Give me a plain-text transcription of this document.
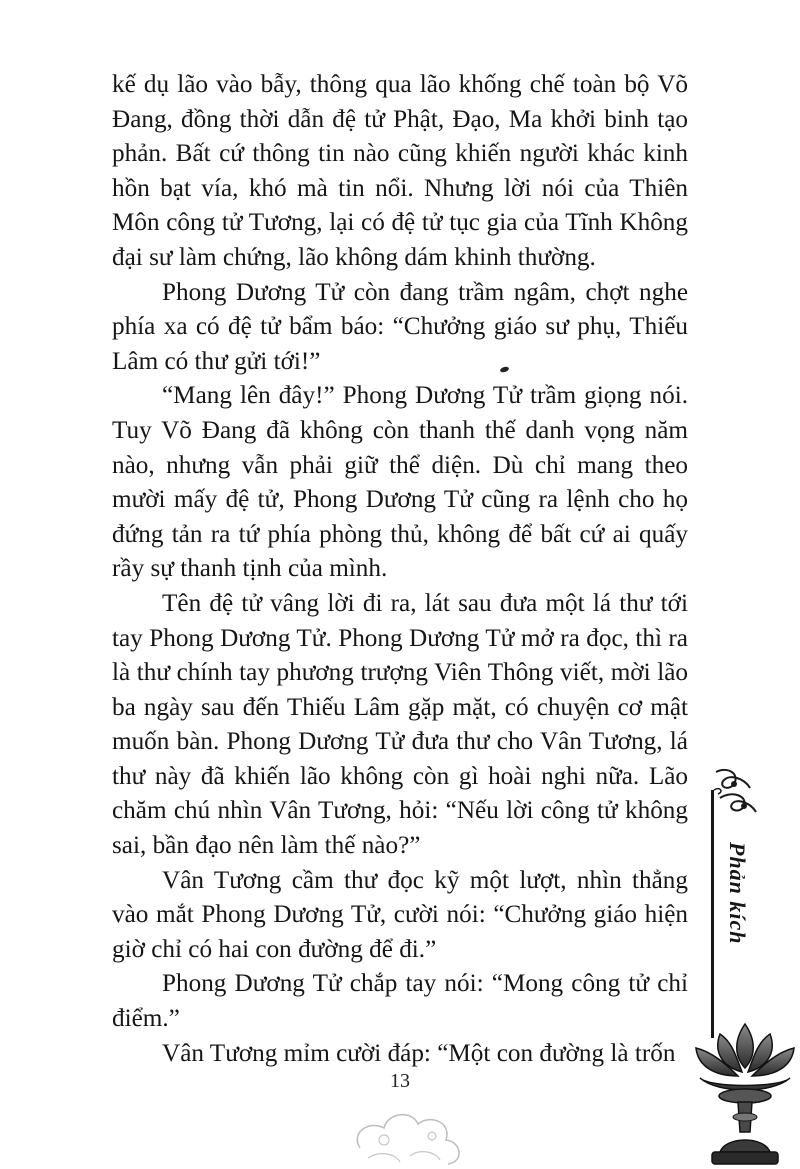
kế dụ lão vào bẫy, thông qua lão khống chế toàn bộ Võ Đang, đồng thời dẫn đệ tử Phật, Đạo, Ma khởi binh tạo phản. Bất cứ thông tin nào cũng khiến người khác kinh hồn bạt vía, khó mà tin nổi. Nhưng lời nói của Thiên Môn công tử Tương, lại có đệ tử tục gia của Tĩnh Không đại sư làm chứng, lão không dám khinh thường.

Phong Dương Tử còn đang trầm ngâm, chợt nghe phía xa có đệ tử bẩm báo: “Chưởng giáo sư phụ, Thiếu Lâm có thư gửi tới!”

“Mang lên đây!” Phong Dương Tử trầm giọng nói. Tuy Võ Đang đã không còn thanh thế danh vọng năm nào, nhưng vẫn phải giữ thể diện. Dù chỉ mang theo mười mấy đệ tử, Phong Dương Tử cũng ra lệnh cho họ đứng tản ra tứ phía phòng thủ, không để bất cứ ai quấy rầy sự thanh tịnh của mình.

Tên đệ tử vâng lời đi ra, lát sau đưa một lá thư tới tay Phong Dương Tử. Phong Dương Tử mở ra đọc, thì ra là thư chính tay phương trượng Viên Thông viết, mời lão ba ngày sau đến Thiếu Lâm gặp mặt, có chuyện cơ mật muốn bàn. Phong Dương Tử đưa thư cho Vân Tương, lá thư này đã khiến lão không còn gì hoài nghi nữa. Lão chăm chú nhìn Vân Tương, hỏi: “Nếu lời công tử không sai, bần đạo nên làm thế nào?”

Vân Tương cầm thư đọc kỹ một lượt, nhìn thẳng vào mắt Phong Dương Tử, cười nói: “Chưởng giáo hiện giờ chỉ có hai con đường để đi.”

Phong Dương Tử chắp tay nói: “Mong công tử chỉ điểm.”

Vân Tương mỉm cười đáp: “Một con đường là trốn

Phản kích
13
